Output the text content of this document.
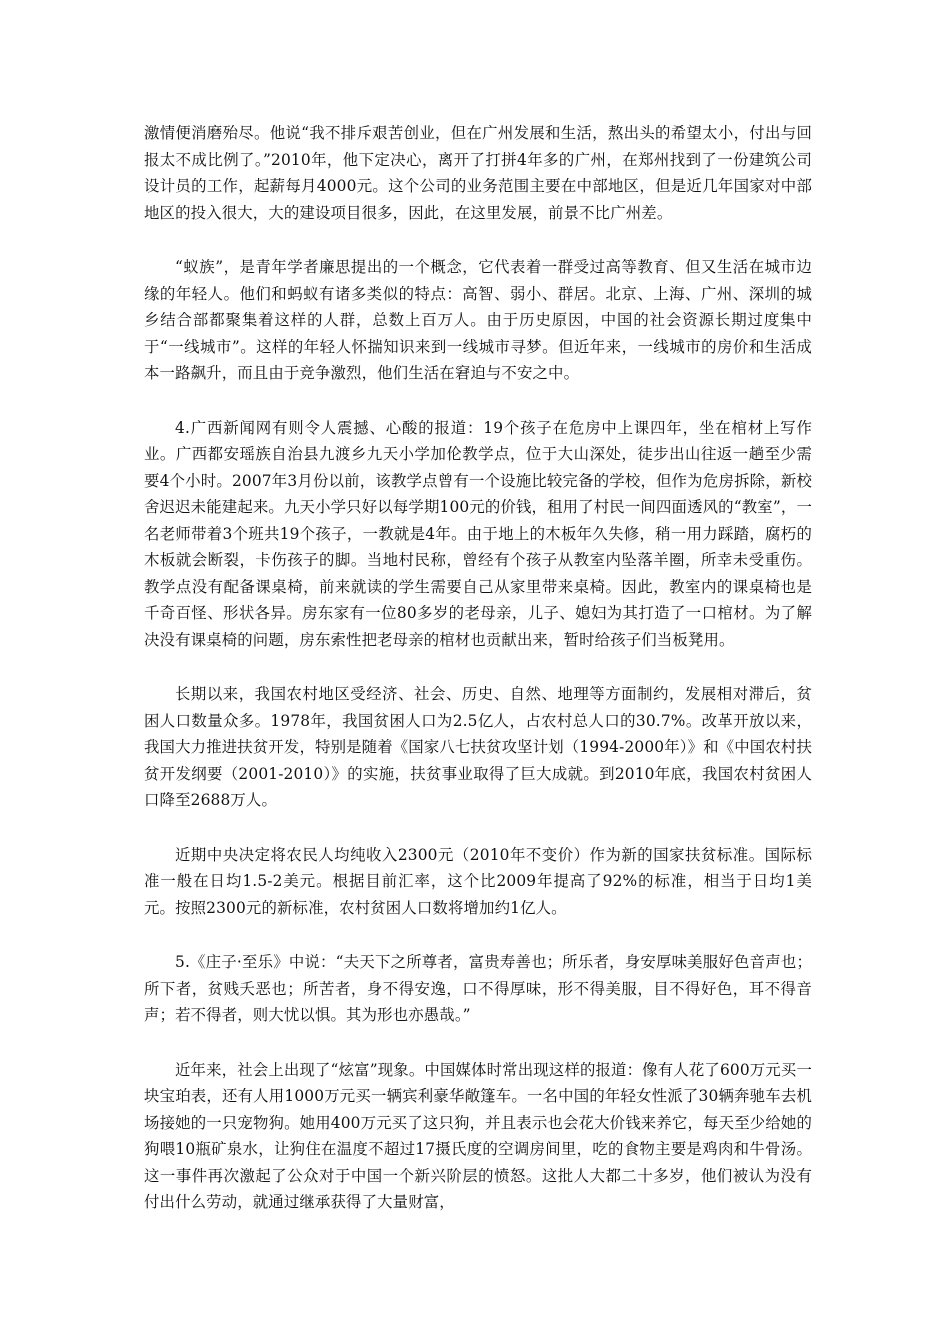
激情便消磨殆尽。他说“我不排斥艰苦创业，但在广州发展和生活，熬出头的希望太小，付出与回报太不成比例了。”2010年，他下定决心，离开了打拼4年多的广州，在郑州找到了一份建筑公司设计员的工作，起薪每月4000元。这个公司的业务范围主要在中部地区，但是近几年国家对中部地区的投入很大，大的建设项目很多，因此，在这里发展，前景不比广州差。

“蚁族”，是青年学者廉思提出的一个概念，它代表着一群受过高等教育、但又生活在城市边缘的年轻人。他们和蚂蚁有诸多类似的特点：高智、弱小、群居。北京、上海、广州、深圳的城乡结合部都聚集着这样的人群，总数上百万人。由于历史原因，中国的社会资源长期过度集中于“一线城市”。这样的年轻人怀揣知识来到一线城市寻梦。但近年来，一线城市的房价和生活成本一路飙升，而且由于竞争激烈，他们生活在窘迫与不安之中。

4.广西新闻网有则令人震撼、心酸的报道：19个孩子在危房中上课四年，坐在棺材上写作业。广西都安瑶族自治县九渡乡九天小学加伦教学点，位于大山深处，徒步出山往返一趟至少需要4个小时。2007年3月份以前，该教学点曾有一个设施比较完备的学校，但作为危房拆除，新校舍迟迟未能建起来。九天小学只好以每学期100元的价钱，租用了村民一间四面透风的“教室”，一名老师带着3个班共19个孩子，一教就是4年。由于地上的木板年久失修，稍一用力踩踏，腐朽的木板就会断裂，卡伤孩子的脚。当地村民称，曾经有个孩子从教室内坠落羊圈，所幸未受重伤。教学点没有配备课桌椅，前来就读的学生需要自己从家里带来桌椅。因此，教室内的课桌椅也是千奇百怪、形状各异。房东家有一位80多岁的老母亲，儿子、媳妇为其打造了一口棺材。为了解决没有课桌椅的问题，房东索性把老母亲的棺材也贡献出来，暂时给孩子们当板凳用。

长期以来，我国农村地区受经济、社会、历史、自然、地理等方面制约，发展相对滞后，贫困人口数量众多。1978年，我国贫困人口为2.5亿人，占农村总人口的30.7%。改革开放以来，我国大力推进扶贫开发，特别是随着《国家八七扶贫攻坚计划（1994-2000年）》和《中国农村扶贫开发纲要（2001-2010）》的实施，扶贫事业取得了巨大成就。到2010年底，我国农村贫困人口降至2688万人。

近期中央决定将农民人均纯收入2300元（2010年不变价）作为新的国家扶贫标准。国际标准一般在日均1.5-2美元。根据目前汇率，这个比2009年提高了92%的标准，相当于日均1美元。按照2300元的新标准，农村贫困人口数将增加约1亿人。

5.《庄子·至乐》中说：“夫天下之所尊者，富贵寿善也；所乐者，身安厚味美服好色音声也；所下者，贫贱夭恶也；所苦者，身不得安逸，口不得厚味，形不得美服，目不得好色，耳不得音声；若不得者，则大忧以惧。其为形也亦愚哉。”

近年来，社会上出现了“炫富”现象。中国媒体时常出现这样的报道：像有人花了600万元买一块宝珀表，还有人用1000万元买一辆宾利豪华敞篷车。一名中国的年轻女性派了30辆奔驰车去机场接她的一只宠物狗。她用400万元买了这只狗，并且表示也会花大价钱来养它，每天至少给她的狗喂10瓶矿泉水，让狗住在温度不超过17摄氏度的空调房间里，吃的食物主要是鸡肉和牛骨汤。这一事件再次激起了公众对于中国一个新兴阶层的愤怒。这批人大都二十多岁，他们被认为没有付出什么劳动，就通过继承获得了大量财富，
